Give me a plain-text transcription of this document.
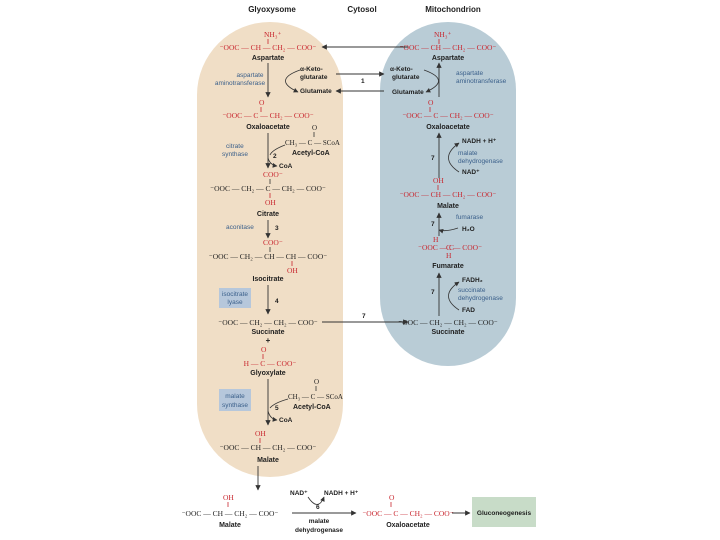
Glyoxysome	Cytosol	Mitochondrion
NH₃⁺
⁻OOC — CH — CH₂ — COO⁻
Aspartate
α-Keto-
glutarate
Glutamate
aspartate
aminotransferase
O
⁻OOC — C — CH₂ — COO⁻
Oxaloacetate	O
CH₃ — C — SCoA
Acetyl-CoA
CoA
citrate
synthase	2
COO⁻
⁻OOC — CH₂ — C — CH₂ — COO⁻
OH
Citrate
aconitase	3
COO⁻
⁻OOC — CH₂ — CH — CH — COO⁻
OH
Isocitrate
isocitrate
lyase	4
⁻OOC — CH₂ — CH₂ — COO⁻
Succinate
+
O
H — C — COO⁻
Glyoxylate
O
CH₃ — C — SCoA
Acetyl-CoA
CoA
malate
synthase	5
OH
⁻OOC — CH — CH₂ — COO⁻
Malate
NH₃⁺
⁻OOC — CH — CH₂ — COO⁻
Aspartate
α-Keto-
glutarate
Glutamate
aspartate
aminotransferase
O
⁻OOC — C — CH₂ — COO⁻
Oxaloacetate
NADH + H⁺
malate
dehydrogenase
NAD⁺
7
OH
⁻OOC — CH — CH₂ — COO⁻
Malate
fumarase
H₂O
7
H
⁻OOC — C
C — COO⁻
H
Fumarate
FADH₂
succinate
dehydrogenase
FAD
7
⁻OOC — CH₂ — CH₂ — COO⁻
Succinate
1
7
OH
⁻OOC — CH — CH₂ — COO⁻
Malate
NAD⁺	NADH + H⁺
6
malate
dehydrogenase
O
⁻OOC — C — CH₂ — COO⁻
Oxaloacetate
Gluconeogenesis
7
